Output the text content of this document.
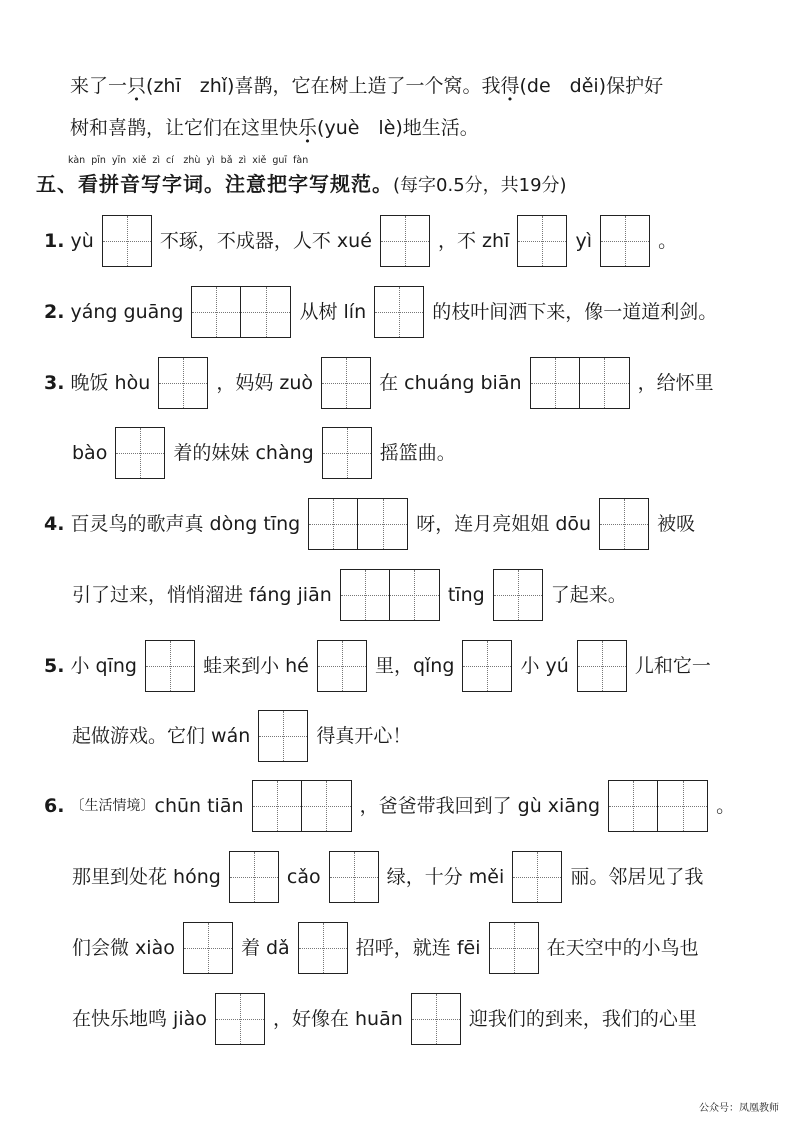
来了一只(zhī　zhǐ)喜鹊，它在树上造了一个窝。我得(de　děi)保护好
树和喜鹊，让它们在这里快乐(yuè　lè)地生活。
kàn pīn yīn xiě zì cí　zhù yì bǎ zì xiě guī fàn
五、看拼音写字词。注意把字写规范。(每字0.5分，共19分)
1. yù	不琢，不成器，人不 xué	，不 zhī	yì	。
2. yáng guāng	从树 lín	的枝叶间洒下来，像一道道利剑。
3. 晚饭 hòu	，妈妈 zuò	在 chuáng biān	，给怀里
bào	着的妹妹 chàng	摇篮曲。
4. 百灵鸟的歌声真 dòng tīng	呀，连月亮姐姐 dōu	被吸
引了过来，悄悄溜进 fáng jiān	tīng	了起来。
5. 小 qīng	蛙来到小 hé	里，qǐng	小 yú	儿和它一
起做游戏。它们 wán	得真开心！
6. 〔生活情境〕chūn tiān	，爸爸带我回到了 gù xiāng	。
那里到处花 hóng	cǎo	绿，十分 měi	丽。邻居见了我
们会微 xiào	着 dǎ	招呼，就连 fēi	在天空中的小鸟也
在快乐地鸣 jiào	，好像在 huān	迎我们的到来，我们的心里
公众号：凤凰教师
